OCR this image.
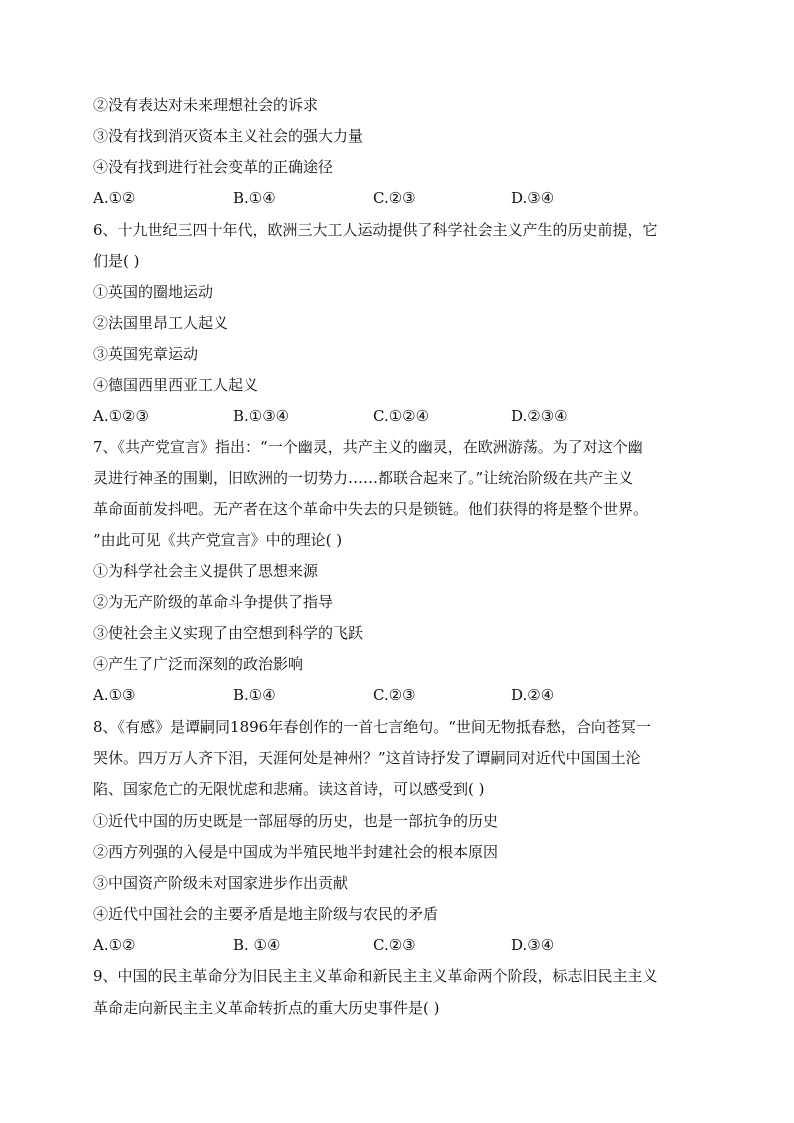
②没有表达对未来理想社会的诉求
③没有找到消灭资本主义社会的强大力量
④没有找到进行社会变革的正确途径
A.①②	B.①④	C.②③	D.③④
6、十九世纪三四十年代，欧洲三大工人运动提供了科学社会主义产生的历史前提，它
们是( )
①英国的圈地运动
②法国里昂工人起义
③英国宪章运动
④德国西里西亚工人起义
A.①②③	B.①③④	C.①②④	D.②③④
7、《共产党宣言》指出：“一个幽灵，共产主义的幽灵，在欧洲游荡。为了对这个幽
灵进行神圣的围剿，旧欧洲的一切势力……都联合起来了。”让统治阶级在共产主义
革命面前发抖吧。无产者在这个革命中失去的只是锁链。他们获得的将是整个世界。
”由此可见《共产党宣言》中的理论( )
①为科学社会主义提供了思想来源
②为无产阶级的革命斗争提供了指导
③使社会主义实现了由空想到科学的飞跃
④产生了广泛而深刻的政治影响
A.①③	B.①④	C.②③	D.②④
8、《有感》是谭嗣同1896年春创作的一首七言绝句。“世间无物抵春愁，合向苍冥一
哭休。四万万人齐下泪，天涯何处是神州？”这首诗抒发了谭嗣同对近代中国国土沦
陷、国家危亡的无限忧虑和悲痛。读这首诗，可以感受到( )
①近代中国的历史既是一部屈辱的历史，也是一部抗争的历史
②西方列强的入侵是中国成为半殖民地半封建社会的根本原因
③中国资产阶级未对国家进步作出贡献
④近代中国社会的主要矛盾是地主阶级与农民的矛盾
A.①②	B. ①④	C.②③	D.③④
9、中国的民主革命分为旧民主主义革命和新民主主义革命两个阶段，标志旧民主主义
革命走向新民主主义革命转折点的重大历史事件是( )
